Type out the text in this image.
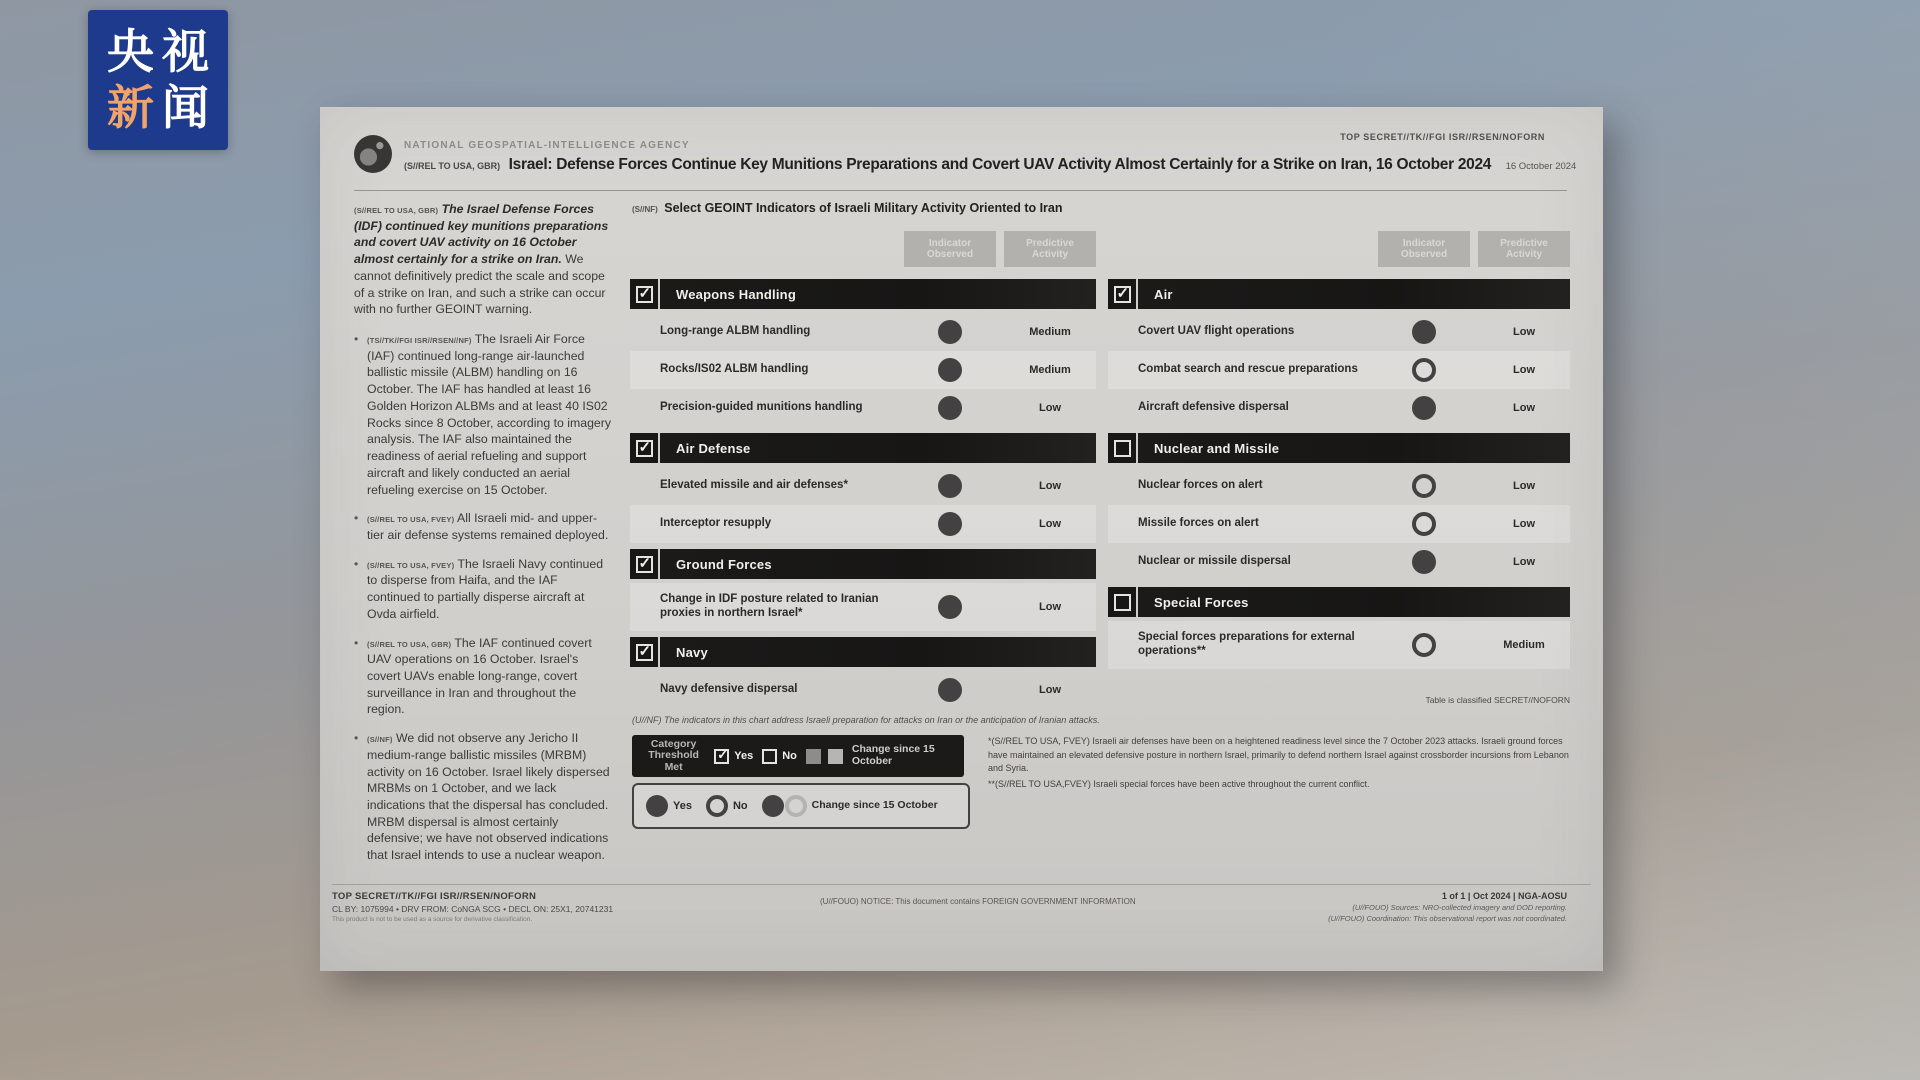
央 视
新 闻
TOP SECRET//TK//FGI ISR//RSEN/NOFORN
NATIONAL GEOSPATIAL-INTELLIGENCE AGENCY
(S//REL TO USA, GBR) Israel: Defense Forces Continue Key Munitions Preparations and Covert UAV Activity Almost Certainly for a Strike on Iran, 16 October 2024 16 October 2024
(S//REL TO USA, GBR) The Israel Defense Forces (IDF) continued key munitions preparations and covert UAV activity on 16 October almost certainly for a strike on Iran. We cannot definitively predict the scale and scope of a strike on Iran, and such a strike can occur with no further GEOINT warning.
• (TS//TK//FGI ISR//RSEN//NF) The Israeli Air Force (IAF) continued long-range air-launched ballistic missile (ALBM) handling on 16 October. The IAF has handled at least 16 Golden Horizon ALBMs and at least 40 IS02 Rocks since 8 October, according to imagery analysis. The IAF also maintained the readiness of aerial refueling and support aircraft and likely conducted an aerial refueling exercise on 15 October.
• (S//REL TO USA, FVEY) All Israeli mid- and upper-tier air defense systems remained deployed.
• (S//REL TO USA, FVEY) The Israeli Navy continued to disperse from Haifa, and the IAF continued to partially disperse aircraft at Ovda airfield.
• (S//REL TO USA, GBR) The IAF continued covert UAV operations on 16 October. Israel's covert UAVs enable long-range, covert surveillance in Iran and throughout the region.
• (S//NF) We did not observe any Jericho II medium-range ballistic missiles (MRBM) activity on 16 October. Israel likely dispersed MRBMs on 1 October, and we lack indications that the dispersal has concluded. MRBM dispersal is almost certainly defensive; we have not observed indications that Israel intends to use a nuclear weapon.
(S//NF) Select GEOINT Indicators of Israeli Military Activity Oriented to Iran
Indicator Observed
Predictive Activity
✓
Weapons Handling
Long-range ALBM handling	Medium
Rocks/IS02 ALBM handling	Medium
Precision-guided munitions handling	Low
✓
Air Defense
Elevated missile and air defenses*	Low
Interceptor resupply	Low
✓
Ground Forces
Change in IDF posture related to Iranian proxies in northern Israel*	Low
✓
Navy
Navy defensive dispersal	Low
Indicator Observed
Predictive Activity
✓
Air
Covert UAV flight operations	Low
Combat search and rescue preparations	Low
Aircraft defensive dispersal	Low
Nuclear and Missile
Nuclear forces on alert	Low
Missile forces on alert	Low
Nuclear or missile dispersal	Low
Special Forces
Special forces preparations for external operations**	Medium
Table is classified SECRET//NOFORN
(U//NF) The indicators in this chart address Israeli preparation for attacks on Iran or the anticipation of Iranian attacks.
Category Threshold Met
✓
Yes	No
Change since 15 October
Yes	No	Change since 15 October

*(S//REL TO USA, FVEY) Israeli air defenses have been on a heightened readiness level since the 7 October 2023 attacks. Israeli ground forces have maintained an elevated defensive posture in northern Israel, primarily to defend northern Israel against crossborder incursions from Lebanon and Syria.

**(S//REL TO USA,FVEY) Israeli special forces have been active throughout the current conflict.

TOP SECRET//TK//FGI ISR//RSEN/NOFORN
CL BY: 1075994 • DRV FROM: CoNGA SCG • DECL ON: 25X1, 20741231
This product is not to be used as a source for derivative classification.
(U//FOUO) NOTICE: This document contains FOREIGN GOVERNMENT INFORMATION
1 of 1 | Oct 2024 | NGA-AOSU
(U//FOUO) Sources: NRO-collected imagery and DOD reporting.
(U//FOUO) Coordination: This observational report was not coordinated.
